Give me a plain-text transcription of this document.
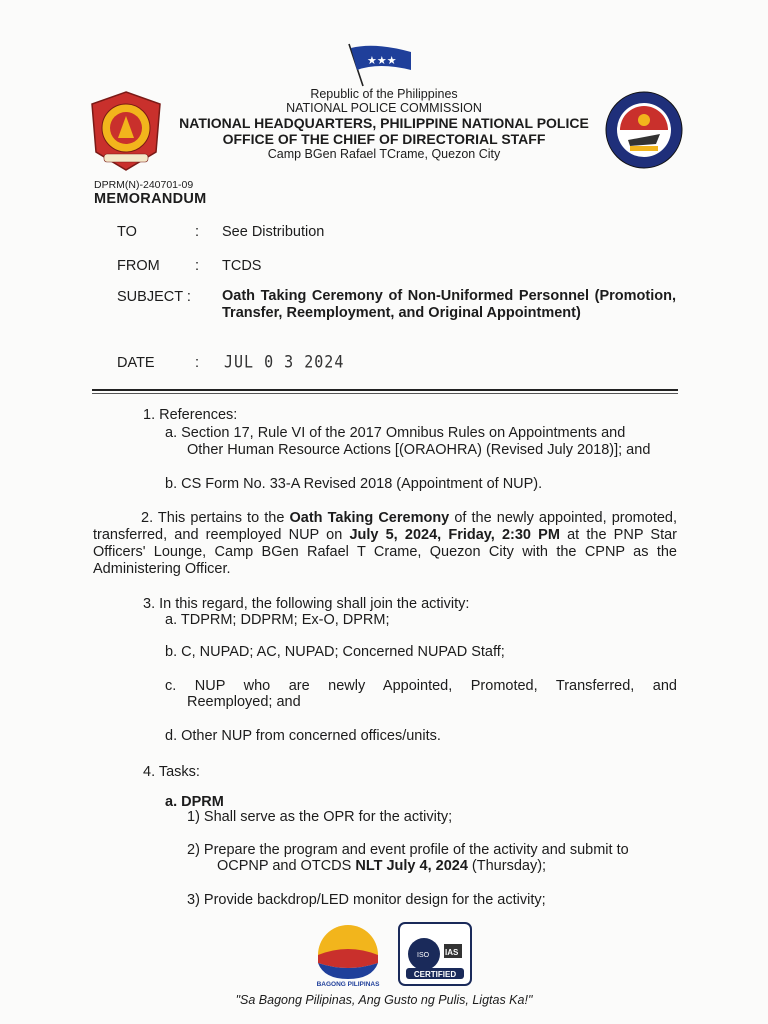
★★★
Republic of the Philippines
NATIONAL POLICE COMMISSION
NATIONAL HEADQUARTERS, PHILIPPINE NATIONAL POLICE
OFFICE OF THE CHIEF OF DIRECTORIAL STAFF
Camp BGen Rafael TCrame, Quezon City
DPRM(N)-240701-09
MEMORANDUM
TO	: See Distribution
FROM : TCDS
SUBJECT : Oath Taking Ceremony of Non-Uniformed Personnel (Promotion, Transfer, Reemployment, and Original Appointment)
DATE	: JUL 0 3 2024
1. References:
a. Section 17, Rule VI of the 2017 Omnibus Rules on Appointments and
Other Human Resource Actions [(ORAOHRA) (Revised July 2018)]; and
b. CS Form No. 33-A Revised 2018 (Appointment of NUP).
2. This pertains to the Oath Taking Ceremony of the newly appointed, promoted, transferred, and reemployed NUP on July 5, 2024, Friday, 2:30 PM at the PNP Star Officers' Lounge, Camp BGen Rafael T Crame, Quezon City with the CPNP as the Administering Officer.
3. In this regard, the following shall join the activity:
a. TDPRM; DDPRM; Ex-O, DPRM;
b. C, NUPAD; AC, NUPAD; Concerned NUPAD Staff;
c. NUP who are newly Appointed, Promoted, Transferred, and
Reemployed; and
d. Other NUP from concerned offices/units.
4. Tasks:
a. DPRM
1) Shall serve as the OPR for the activity;
2) Prepare the program and event profile of the activity and submit to
OCPNP and OTCDS NLT July 4, 2024 (Thursday);
3) Provide backdrop/LED monitor design for the activity;
BAGONG PILIPINAS
ISO IAS
CERTIFIED
"Sa Bagong Pilipinas, Ang Gusto ng Pulis, Ligtas Ka!"
